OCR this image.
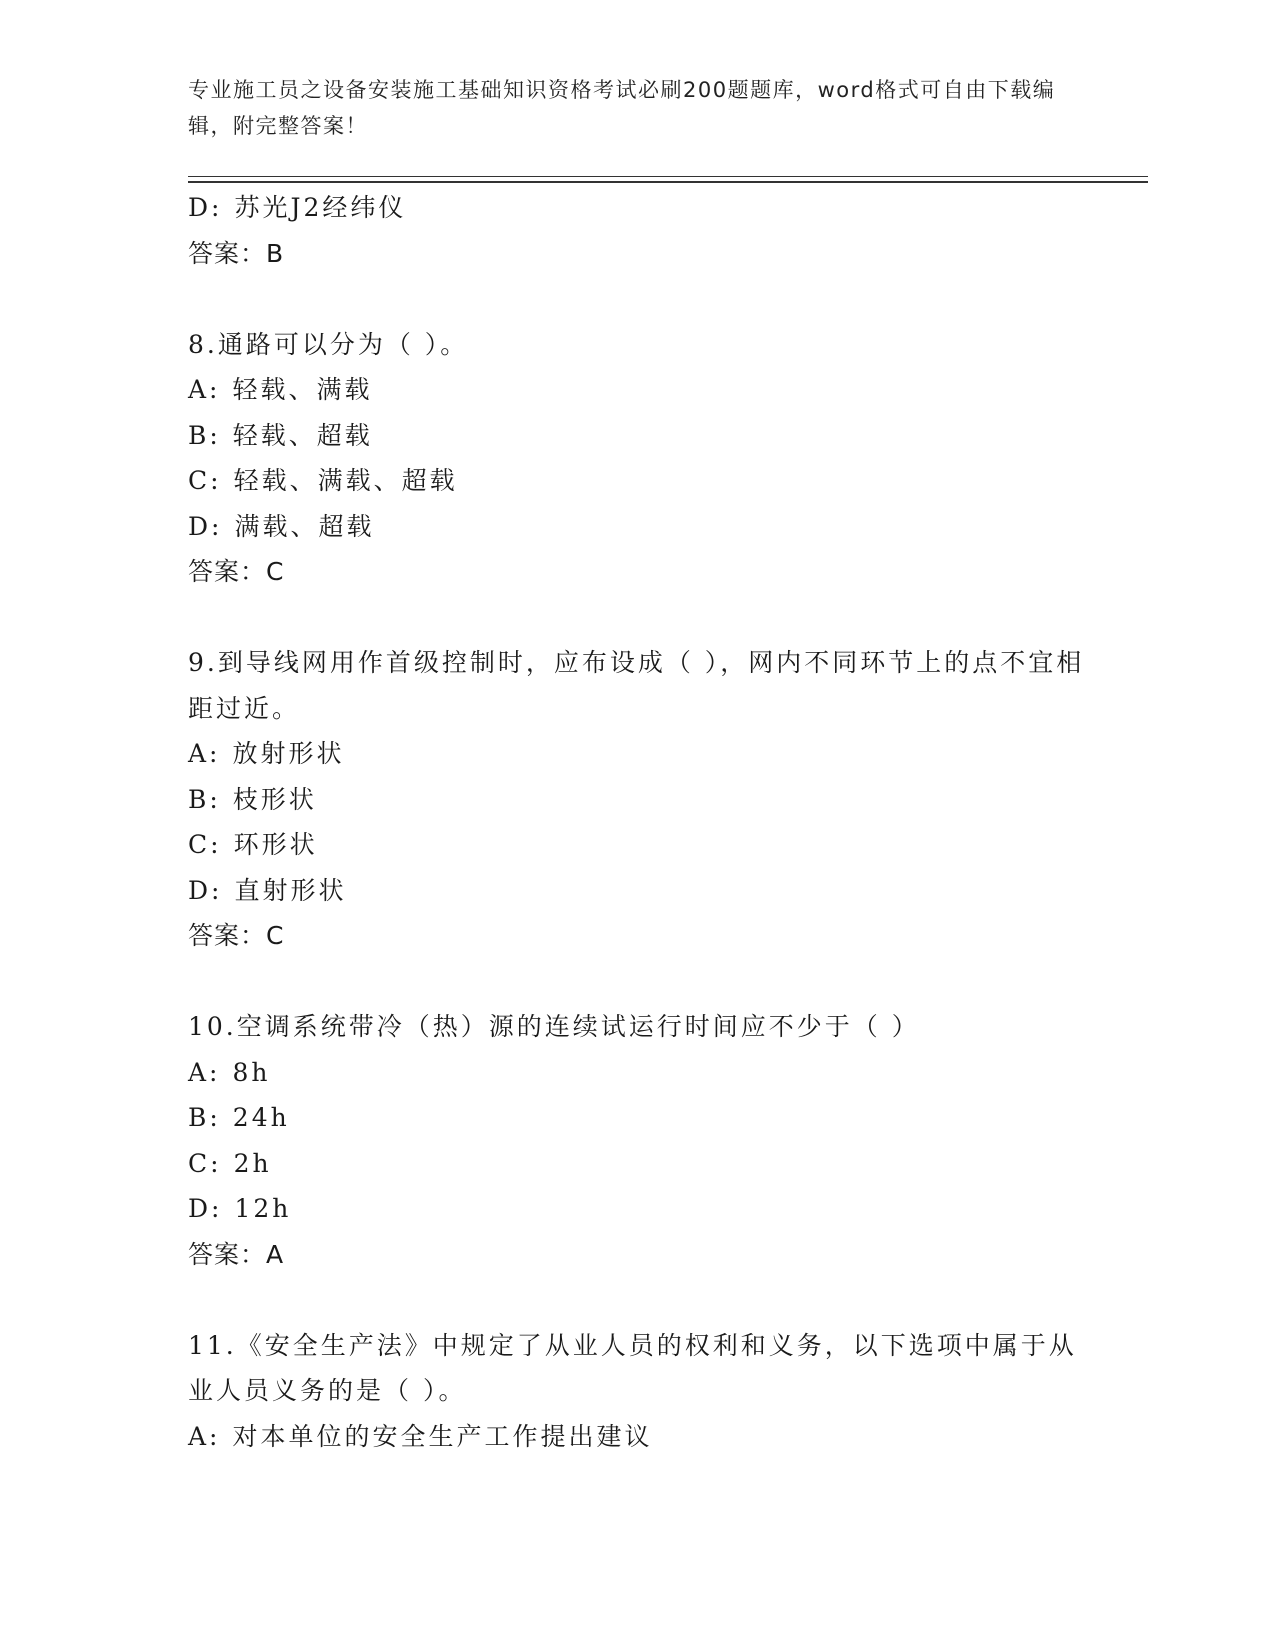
专业施工员之设备安装施工基础知识资格考试必刷200题题库，word格式可自由下载编辑，附完整答案！
D: 苏光J2经纬仪
答案：B
8.通路可以分为（ ）。
A: 轻载、满载
B: 轻载、超载
C: 轻载、满载、超载
D: 满载、超载
答案：C
9.到导线网用作首级控制时，应布设成（ ），网内不同环节上的点不宜相距过近。
A: 放射形状
B: 枝形状
C: 环形状
D: 直射形状
答案：C
10.空调系统带冷（热）源的连续试运行时间应不少于（ ）
A: 8h
B: 24h
C: 2h
D: 12h
答案：A
11.《安全生产法》中规定了从业人员的权利和义务，以下选项中属于从业人员义务的是（ ）。
A: 对本单位的安全生产工作提出建议
